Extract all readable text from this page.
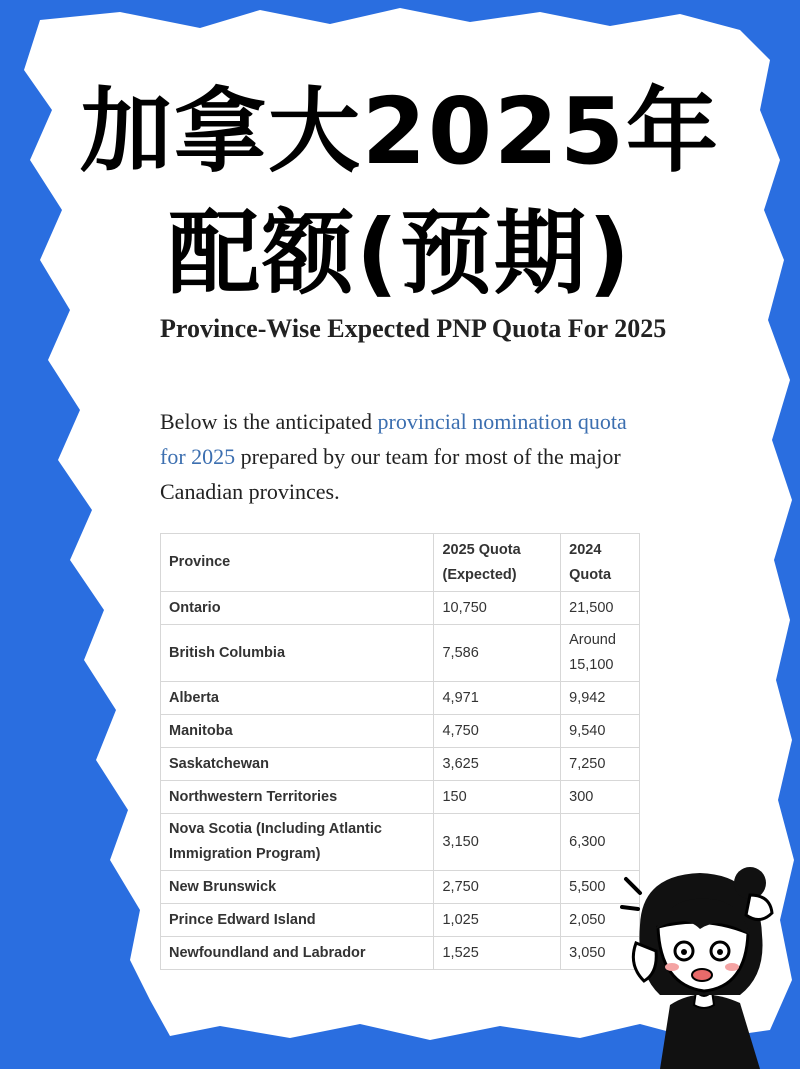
加拿大2025年
配额(预期)
Province-Wise Expected PNP Quota For 2025
Below is the anticipated provincial nomination quota for 2025 prepared by our team for most of the major Canadian provinces.
Province	2025 Quota (Expected)	2024 Quota
Ontario	10,750	21,500
British Columbia	7,586	Around 15,100
Alberta	4,971	9,942
Manitoba	4,750	9,540
Saskatchewan	3,625	7,250
Northwestern Territories	150	300
Nova Scotia (Including Atlantic Immigration Program)	3,150	6,300
New Brunswick	2,750	5,500
Prince Edward Island	1,025	2,050
Newfoundland and Labrador	1,525	3,050
